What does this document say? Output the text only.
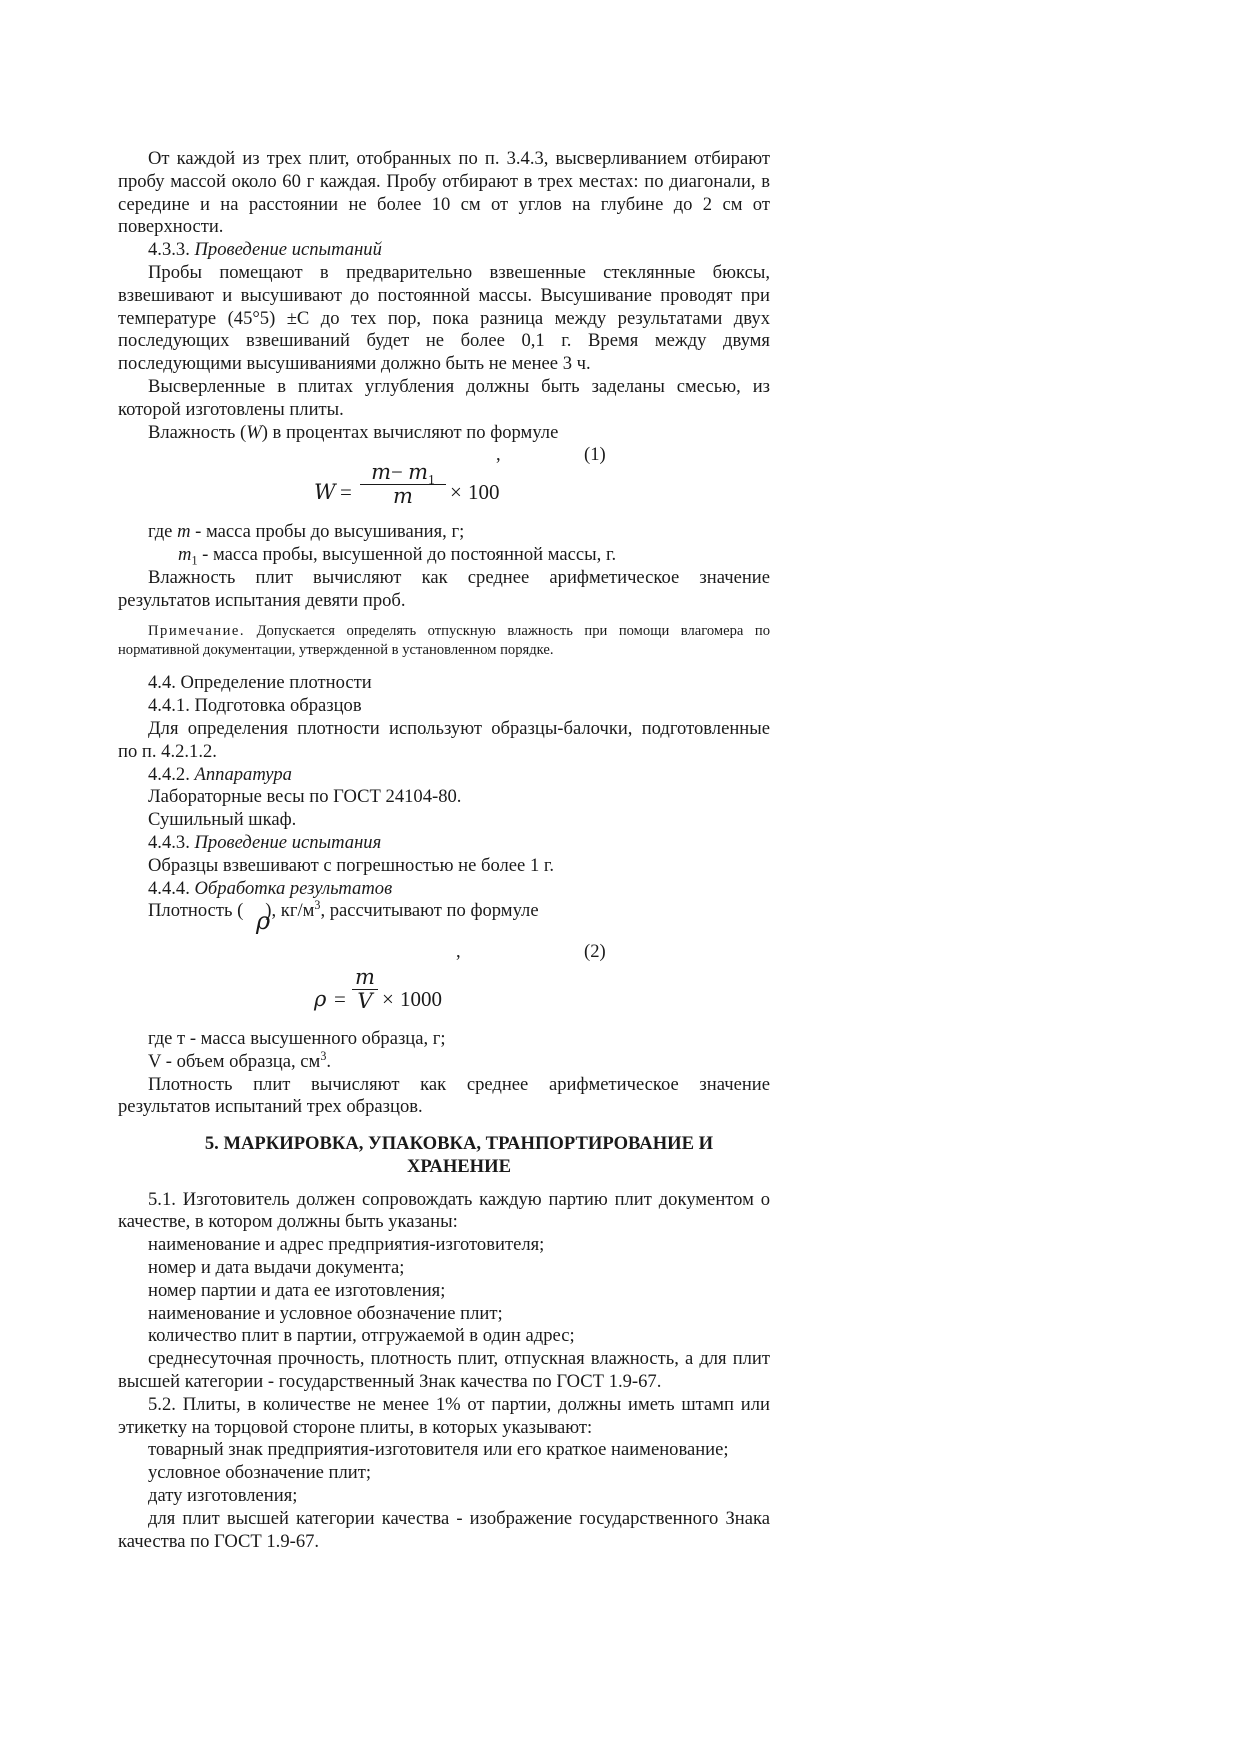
От каждой из трех плит, отобранных по п. 3.4.3, высверливанием отбирают пробу массой около 60 г каждая. Пробу отбирают в трех местах: по диагонали, в середине и на расстоянии не более 10 см от углов на глубине до 2 см от поверхности.

4.3.3. Проведение испытаний

Пробы помещают в предварительно взвешенные стеклянные бюксы, взвешивают и высушивают до постоянной массы. Высушивание проводят при температуре (45°5) ±С до тех пор, пока разница между результатами двух последующих взвешиваний будет не более 0,1 г. Время между двумя последующими высушиваниями должно быть не менее 3 ч.

Высверленные в плитах углубления должны быть заделаны смесью, из которой изготовлены плиты.

Влажность (W) в процентах вычисляют по формуле

,	(1)
W =
$m- m_1$
m	× 100

где m - масса пробы до высушивания, г;

$m_1$ - масса пробы, высушенной до постоянной массы, г.

Влажность плит вычисляют как среднее арифметическое значение результатов испытания девяти проб.

Примечание. Допускается определять отпускную влажность при помощи влагомера по нормативной документации, утвержденной в установленном порядке.

4.4. Определение плотности

4.4.1. Подготовка образцов

Для определения плотности используют образцы-балочки, подготовленные по п. 4.2.1.2.

4.4.2. Аппаратура

Лабораторные весы по ГОСТ 24104-80.

Сушильный шкаф.

4.4.3. Проведение испытания

Образцы взвешивают с погрешностью не более 1 г.

4.4.4. Обработка результатов

Плотность ( ), $кг/м^3$, рассчитывают по формуле
ρ

,	(2)
ρ =
m
V × 1000

где т - масса высушенного образца, г;

V - объем образца, $см^3$.

Плотность плит вычисляют как среднее арифметическое значение результатов испытаний трех образцов.

5. МАРКИРОВКА, УПАКОВКА, ТРАНПОРТИРОВАНИЕ И
ХРАНЕНИЕ

5.1. Изготовитель должен сопровождать каждую партию плит документом о качестве, в котором должны быть указаны:

наименование и адрес предприятия-изготовителя;

номер и дата выдачи документа;

номер партии и дата ее изготовления;

наименование и условное обозначение плит;

количество плит в партии, отгружаемой в один адрес;

среднесуточная прочность, плотность плит, отпускная влажность, а для плит высшей категории - государственный Знак качества по ГОСТ 1.9-67.

5.2. Плиты, в количестве не менее 1% от партии, должны иметь штамп или этикетку на торцовой стороне плиты, в которых указывают:

товарный знак предприятия-изготовителя или его краткое наименование;

условное обозначение плит;

дату изготовления;

для плит высшей категории качества - изображение государственного Знака качества по ГОСТ 1.9-67.
